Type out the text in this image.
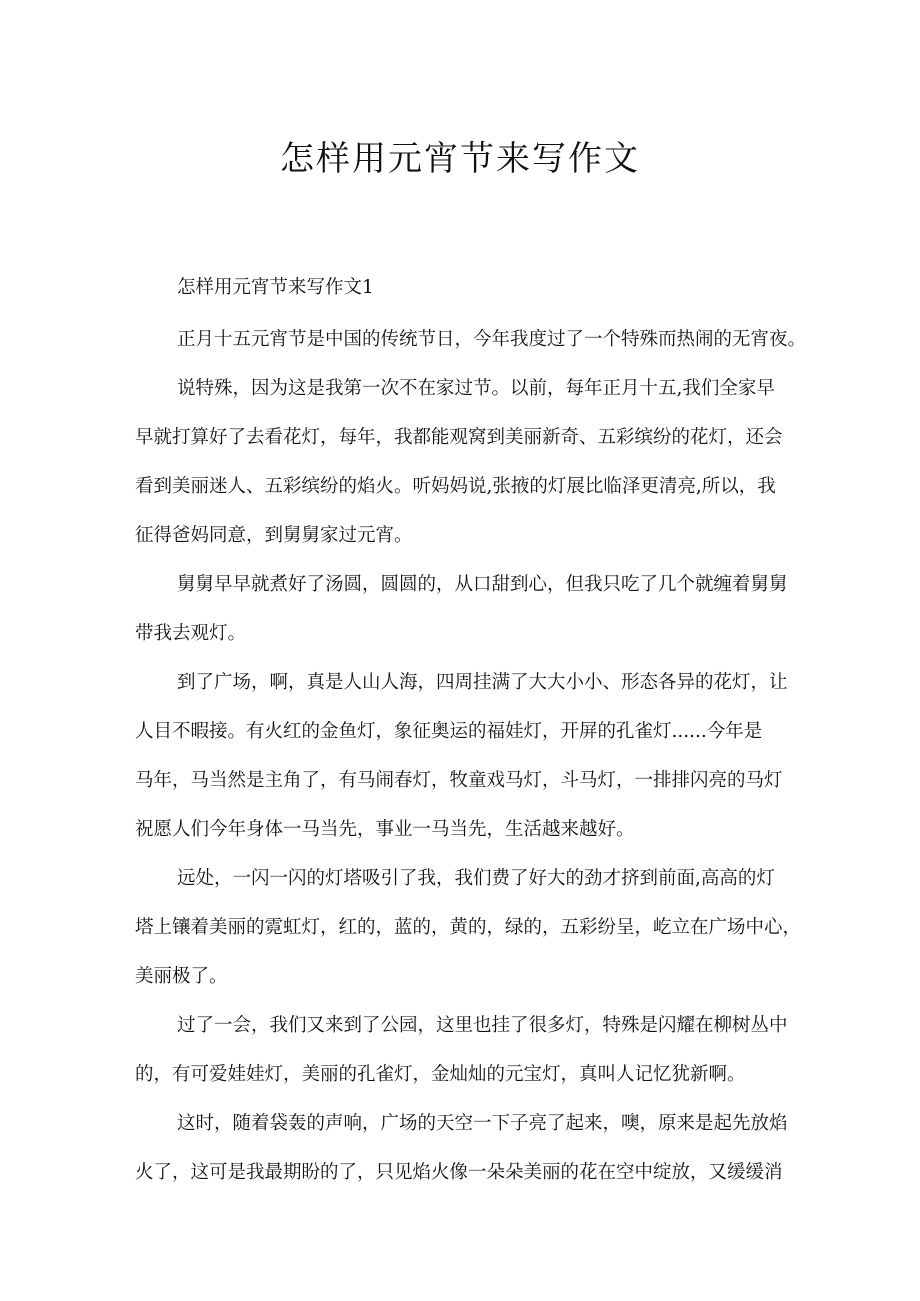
怎样用元宵节来写作文

怎样用元宵节来写作文1

正月十五元宵节是中国的传统节日，今年我度过了一个特殊而热闹的无宵夜。
说特殊，因为这是我第一次不在家过节。以前，每年正月十五,我们全家早
早就打算好了去看花灯，每年，我都能观窝到美丽新奇、五彩缤纷的花灯，还会
看到美丽迷人、五彩缤纷的焰火。听妈妈说,张掖的灯展比临泽更清亮,所以，我
征得爸妈同意，到舅舅家过元宵。
舅舅早早就煮好了汤圆，圆圆的，从口甜到心，但我只吃了几个就缠着舅舅
带我去观灯。
到了广场，啊，真是人山人海，四周挂满了大大小小、形态各异的花灯，让
人目不暇接。有火红的金鱼灯，象征奥运的福娃灯，开屏的孔雀灯......今年是
马年，马当然是主角了，有马闹春灯，牧童戏马灯，斗马灯，一排排闪亮的马灯
祝愿人们今年身体一马当先，事业一马当先，生活越来越好。
远处，一闪一闪的灯塔吸引了我，我们费了好大的劲才挤到前面,高高的灯
塔上镶着美丽的霓虹灯，红的，蓝的，黄的，绿的，五彩纷呈，屹立在广场中心，
美丽极了。
过了一会，我们又来到了公园，这里也挂了很多灯，特殊是闪耀在柳树丛中
的，有可爱娃娃灯，美丽的孔雀灯，金灿灿的元宝灯，真叫人记忆犹新啊。
这时，随着袋轰的声响，广场的天空一下子亮了起来，噢，原来是起先放焰
火了，这可是我最期盼的了，只见焰火像一朵朵美丽的花在空中绽放，又缓缓消
